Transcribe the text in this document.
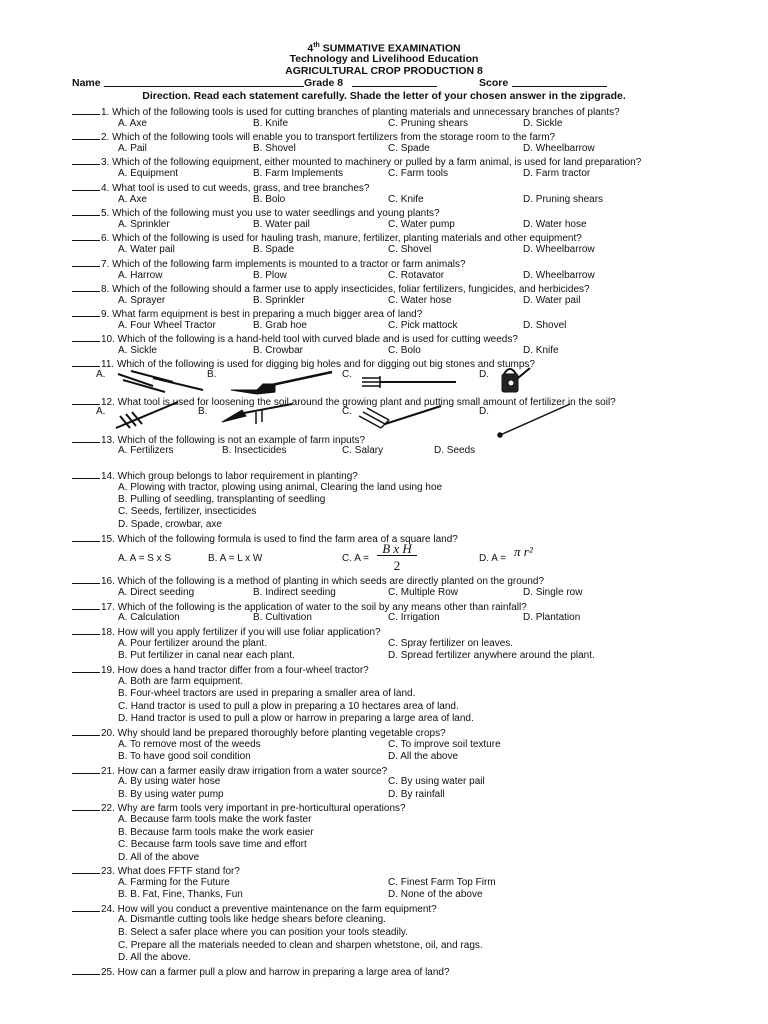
4th SUMMATIVE EXAMINATION
Technology and Livelihood Education
AGRICULTURAL CROP PRODUCTION 8
Name	Grade 8	Score
Direction. Read each statement carefully. Shade the letter of your chosen answer in the zipgrade.
1. Which of the following tools is used for cutting branches of planting materials and unnecessary branches of plants?
A. Axe	B. Knife	C. Pruning shears	D. Sickle
2. Which of the following tools will enable you to transport fertilizers from the storage room to the farm?
A. Pail	B. Shovel	C. Spade	D. Wheelbarrow
3. Which of the following equipment, either mounted to machinery or pulled by a farm animal, is used for land preparation?
A. Equipment	B. Farm Implements	C. Farm tools	D. Farm tractor
4. What tool is used to cut weeds, grass, and tree branches?
A. Axe	B. Bolo	C. Knife	D. Pruning shears
5. Which of the following must you use to water seedlings and young plants?
A. Sprinkler	B. Water pail	C. Water pump	D. Water hose
6. Which of the following is used for hauling trash, manure, fertilizer, planting materials and other equipment?
A. Water pail	B. Spade	C. Shovel	D. Wheelbarrow
7. Which of the following farm implements is mounted to a tractor or farm animals?
A. Harrow	B. Plow	C. Rotavator	D. Wheelbarrow
8. Which of the following should a farmer use to apply insecticides, foliar fertilizers, fungicides, and herbicides?
A. Sprayer	B. Sprinkler	C. Water hose	D. Water pail
9. What farm equipment is best in preparing a much bigger area of land?
A. Four Wheel Tractor	B. Grab hoe	C. Pick mattock	D. Shovel
10. Which of the following is a hand-held tool with curved blade and is used for cutting weeds?
A. Sickle	B. Crowbar	C. Bolo	D. Knife
11. Which of the following is used for digging big holes and for digging out big stones and stumps?
A.	B.	C.	D.
12. What tool is used for loosening the soil around the growing plant and putting small amount of fertilizer in the soil?
A.	B.	C.	D.
13. Which of the following is not an example of farm inputs?
A. Fertilizers	B. Insecticides	C. Salary	D. Seeds
14. Which group belongs to labor requirement in planting?
A. Plowing with tractor, plowing using animal, Clearing the land using hoe
B. Pulling of seedling, transplanting of seedling
C. Seeds, fertilizer, insecticides
D. Spade, crowbar, axe
15. Which of the following formula is used to find the farm area of a square land?
A. A = S x S	B. A = L x W	C. A =
B x H
2	D. A = π r²
16. Which of the following is a method of planting in which seeds are directly planted on the ground?
A. Direct seeding	B. Indirect seeding	C. Multiple Row	D. Single row
17. Which of the following is the application of water to the soil by any means other than rainfall?
A. Calculation	B. Cultivation	C. Irrigation	D. Plantation
18. How will you apply fertilizer if you will use foliar application?
A. Pour fertilizer around the plant.	C. Spray fertilizer on leaves.
B. Put fertilizer in canal near each plant.	D. Spread fertilizer anywhere around the plant.
19. How does a hand tractor differ from a four-wheel tractor?
A. Both are farm equipment.
B. Four-wheel tractors are used in preparing a smaller area of land.
C. Hand tractor is used to pull a plow in preparing a 10 hectares area of land.
D. Hand tractor is used to pull a plow or harrow in preparing a large area of land.
20. Why should land be prepared thoroughly before planting vegetable crops?
A. To remove most of the weeds	C. To improve soil texture
B. To have good soil condition	D. All the above
21. How can a farmer easily draw irrigation from a water source?
A. By using water hose	C. By using water pail
B. By using water pump	D. By rainfall
22. Why are farm tools very important in pre-horticultural operations?
A. Because farm tools make the work faster
B. Because farm tools make the work easier
C. Because farm tools save time and effort
D. All of the above
23. What does FFTF stand for?
A. Farming for the Future	C. Finest Farm Top Firm
B. B. Fat, Fine, Thanks, Fun	D. None of the above
24. How will you conduct a preventive maintenance on the farm equipment?
A. Dismantle cutting tools like hedge shears before cleaning.
B. Select a safer place where you can position your tools steadily.
C. Prepare all the materials needed to clean and sharpen whetstone, oil, and rags.
D. All the above.
25. How can a farmer pull a plow and harrow in preparing a large area of land?
